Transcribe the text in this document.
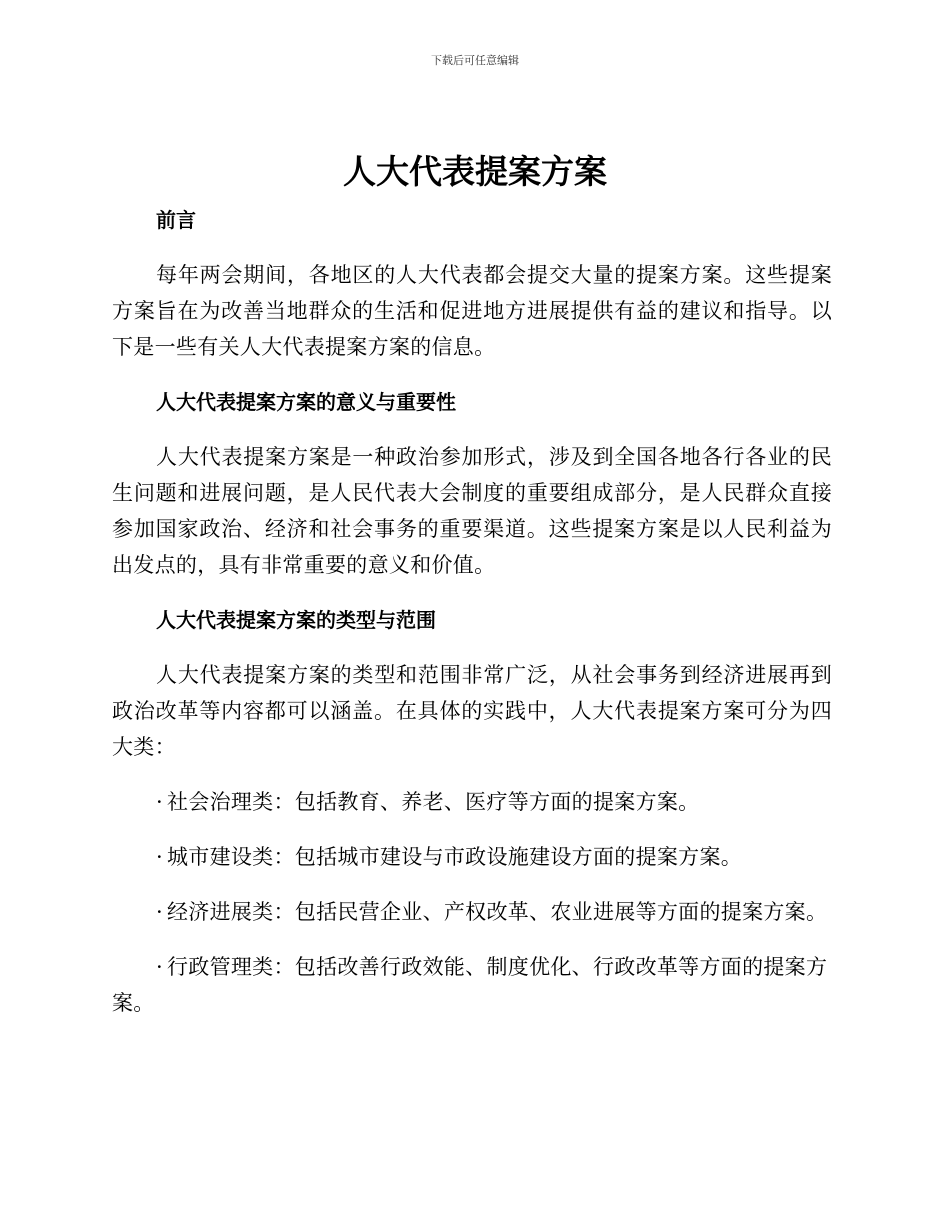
下载后可任意编辑
人大代表提案方案
前言

每年两会期间，各地区的人大代表都会提交大量的提案方案。这些提案方案旨在为改善当地群众的生活和促进地方进展提供有益的建议和指导。以下是一些有关人大代表提案方案的信息。

人大代表提案方案的意义与重要性

人大代表提案方案是一种政治参加形式，涉及到全国各地各行各业的民生问题和进展问题，是人民代表大会制度的重要组成部分，是人民群众直接参加国家政治、经济和社会事务的重要渠道。这些提案方案是以人民利益为出发点的，具有非常重要的意义和价值。

人大代表提案方案的类型与范围

人大代表提案方案的类型和范围非常广泛，从社会事务到经济进展再到政治改革等内容都可以涵盖。在具体的实践中，人大代表提案方案可分为四大类：

· 社会治理类：包括教育、养老、医疗等方面的提案方案。

· 城市建设类：包括城市建设与市政设施建设方面的提案方案。

· 经济进展类：包括民营企业、产权改革、农业进展等方面的提案方案。

· 行政管理类：包括改善行政效能、制度优化、行政改革等方面的提案方案。
